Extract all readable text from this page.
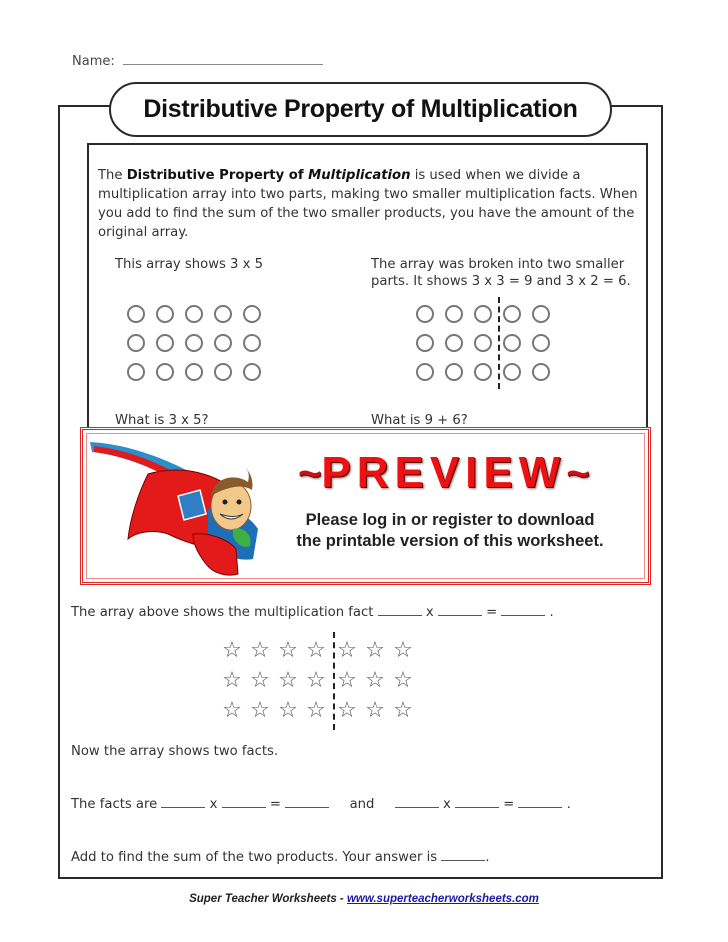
Name:
Distributive Property of Multiplication
The Distributive Property of Multiplication is used when we divide a multiplication array into two parts, making two smaller multiplication facts. When you add to find the sum of the two smaller products, you have the amount of the original array.
This array shows 3 x 5
What is 3 x 5?
The array was broken into two smaller
parts. It shows 3 x 3 = 9 and 3 x 2 = 6.
What is 9 + 6?
~PREVIEW~
Please log in or register to download
the printable version of this worksheet.
The array above shows the multiplication fact	x	=	.
☆ ☆ ☆ ☆
☆ ☆ ☆ ☆
☆ ☆ ☆ ☆
☆ ☆ ☆
☆ ☆ ☆
☆ ☆ ☆
Now the array shows two facts.
The facts are	x	=	and	x	=	.
Add to find the sum of the two products. Your answer is	.
Super Teacher Worksheets - www.superteacherworksheets.com
